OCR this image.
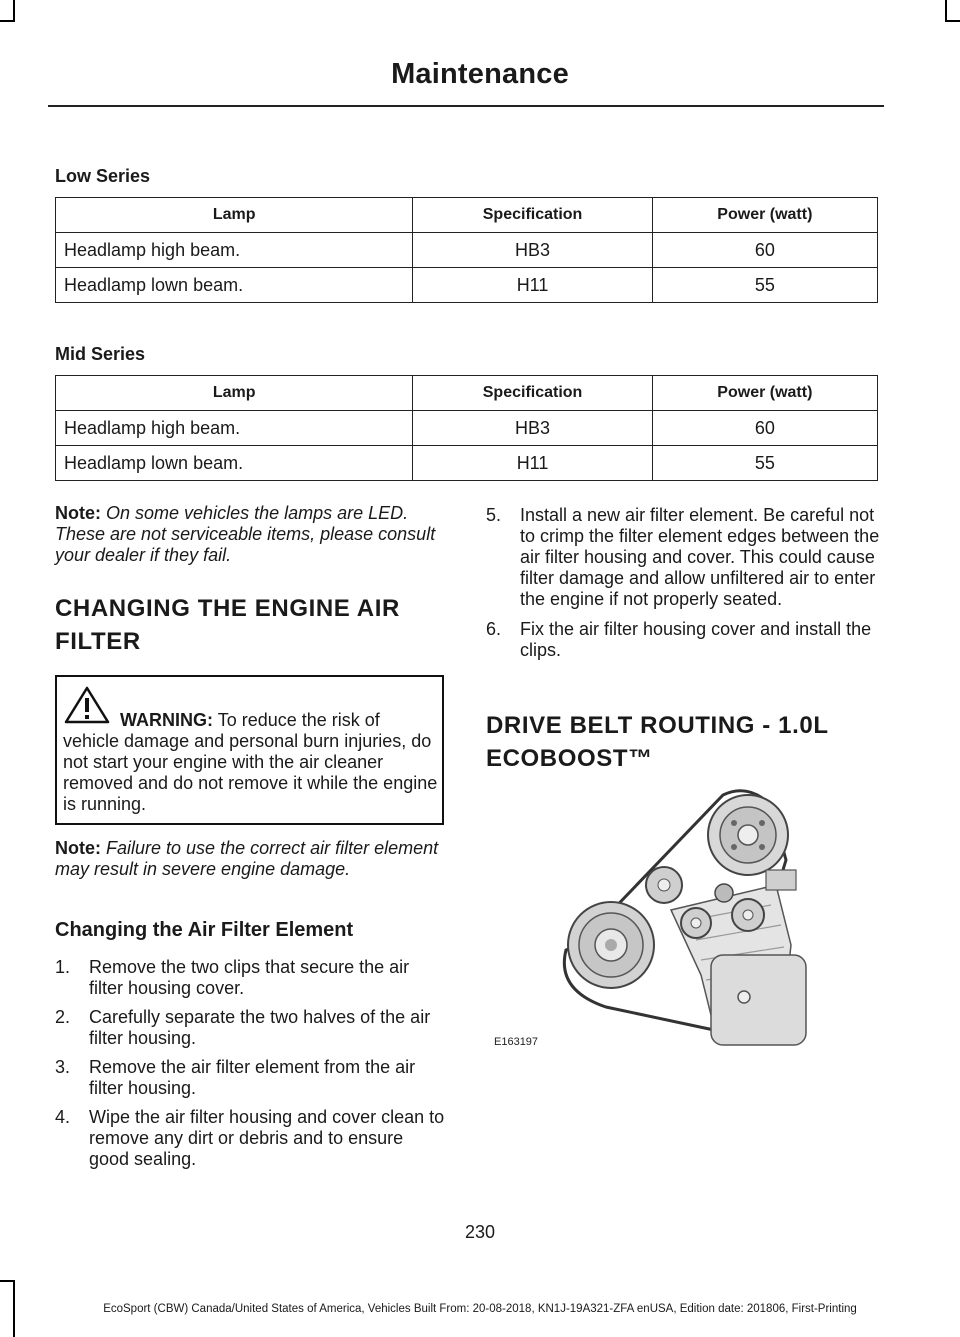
Maintenance
Low Series
Lamp	Specification	Power (watt)
Headlamp high beam.	HB3	60
Headlamp lown beam.	H11	55
Mid Series
Lamp	Specification	Power (watt)
Headlamp high beam.	HB3	60
Headlamp lown beam.	H11	55

Note: On some vehicles the lamps are LED. These are not serviceable items, please consult your dealer if they fail.

CHANGING THE ENGINE AIR FILTER

WARNING: To reduce the risk of vehicle damage and personal burn injuries, do not start your engine with the air cleaner removed and do not remove it while the engine is running.

Note: Failure to use the correct air filter element may result in severe engine damage.

Changing the Air Filter Element
1. Remove the two clips that secure the air filter housing cover.
2. Carefully separate the two halves of the air filter housing.
3. Remove the air filter element from the air filter housing.
4. Wipe the air filter housing and cover clean to remove any dirt or debris and to ensure good sealing.
5. Install a new air filter element. Be careful not to crimp the filter element edges between the air filter housing and cover. This could cause filter damage and allow unfiltered air to enter the engine if not properly seated.
6. Fix the air filter housing cover and install the clips.
DRIVE BELT ROUTING - 1.0L ECOBOOST™
E163197
230
EcoSport (CBW) Canada/United States of America, Vehicles Built From: 20-08-2018, KN1J-19A321-ZFA enUSA, Edition date: 201806, First-Printing
